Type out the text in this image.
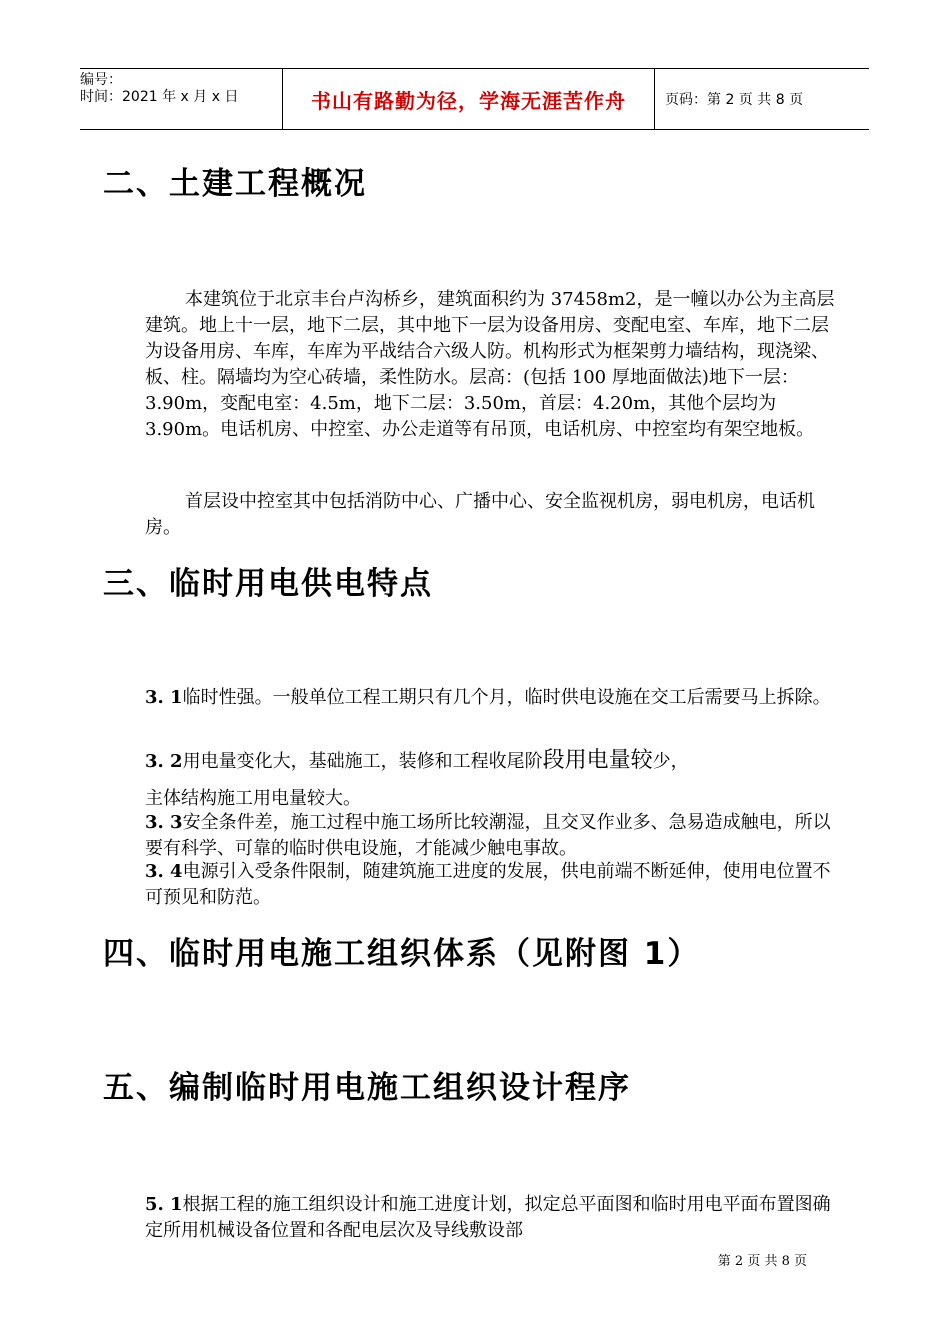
编号：
时间：2021 年 x 月 x 日	书山有路勤为径，学海无涯苦作舟	页码：第 2 页 共 8 页
二、土建工程概况

本建筑位于北京丰台卢沟桥乡，建筑面积约为 37458m2，是一幢以办公为主高层建筑。地上十一层，地下二层，其中地下一层为设备用房、变配电室、车库，地下二层为设备用房、车库，车库为平战结合六级人防。机构形式为框架剪力墙结构，现浇梁、板、柱。隔墙均为空心砖墙，柔性防水。层高：(包括 100 厚地面做法)地下一层：3.90m，变配电室：4.5m，地下二层：3.50m，首层：4.20m，其他个层均为 3.90m。电话机房、中控室、办公走道等有吊顶，电话机房、中控室均有架空地板。

首层设中控室其中包括消防中心、广播中心、安全监视机房，弱电机房，电话机房。

三、临时用电供电特点

3. 1临时性强。一般单位工程工期只有几个月，临时供电设施在交工后需要马上拆除。

3. 2用电量变化大，基础施工，装修和工程收尾阶段用电量较少，

主体结构施工用电量较大。

3. 3安全条件差，施工过程中施工场所比较潮湿，且交叉作业多、急易造成触电，所以要有科学、可靠的临时供电设施，才能减少触电事故。

3. 4电源引入受条件限制，随建筑施工进度的发展，供电前端不断延伸，使用电位置不可预见和防范。

四、临时用电施工组织体系（见附图 1）
五、编制临时用电施工组织设计程序

5. 1根据工程的施工组织设计和施工进度计划，拟定总平面图和临时用电平面布置图确定所用机械设备位置和各配电层次及导线敷设部

第 2 页 共 8 页
